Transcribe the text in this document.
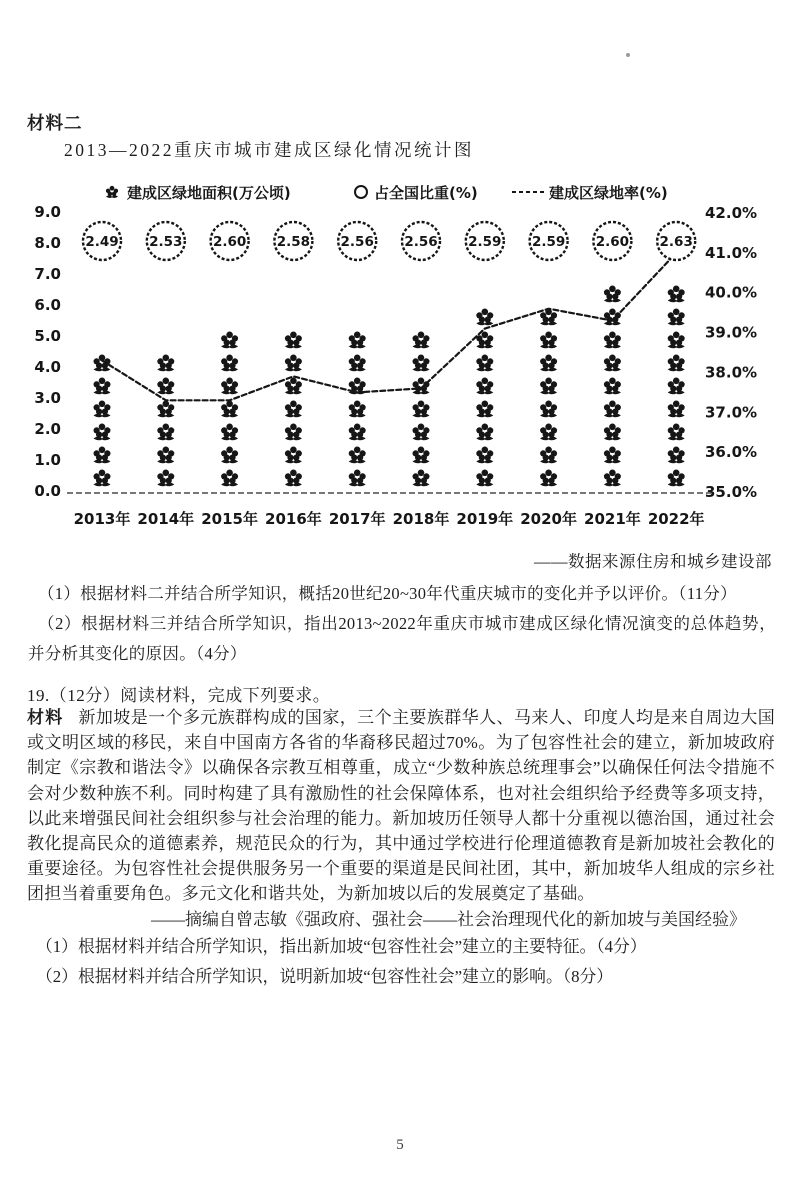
材料二
2013—2022重庆市城市建成区绿化情况统计图
建成区绿地面积(万公顷)	占全国比重(%)	建成区绿地率(%)
9.0
8.0
7.0
6.0
5.0
4.0
3.0
2.0
1.0
0.0
42.0%
41.0%
40.0%
39.0%
38.0%
37.0%
36.0%
35.0%
2.49 2.53 2.60 2.58 2.56 2.56 2.59 2.59 2.60 2.63
2013年 2014年 2015年 2016年 2017年 2018年 2019年 2020年 2021年 2022年
——数据来源住房和城乡建设部
（1）根据材料二并结合所学知识，概括20世纪20~30年代重庆城市的变化并予以评价。（11分）
（2）根据材料三并结合所学知识，指出2013~2022年重庆市城市建成区绿化情况演变的总体趋势，并分析其变化的原因。（4分）
19.（12分）阅读材料，完成下列要求。

材料 新加坡是一个多元族群构成的国家，三个主要族群华人、马来人、印度人均是来自周边大国或文明区域的移民，来自中国南方各省的华裔移民超过70%。为了包容性社会的建立，新加坡政府制定《宗教和谐法令》以确保各宗教互相尊重，成立“少数种族总统理事会”以确保任何法令措施不会对少数种族不利。同时构建了具有激励性的社会保障体系，也对社会组织给予经费等多项支持，以此来增强民间社会组织参与社会治理的能力。新加坡历任领导人都十分重视以德治国，通过社会教化提高民众的道德素养，规范民众的行为，其中通过学校进行伦理道德教育是新加坡社会教化的重要途径。为包容性社会提供服务另一个重要的渠道是民间社团，其中，新加坡华人组成的宗乡社团担当着重要角色。多元文化和谐共处，为新加坡以后的发展奠定了基础。

——摘编自曾志敏《强政府、强社会——社会治理现代化的新加坡与美国经验》
（1）根据材料并结合所学知识，指出新加坡“包容性社会”建立的主要特征。（4分）
（2）根据材料并结合所学知识，说明新加坡“包容性社会”建立的影响。（8分）
5
